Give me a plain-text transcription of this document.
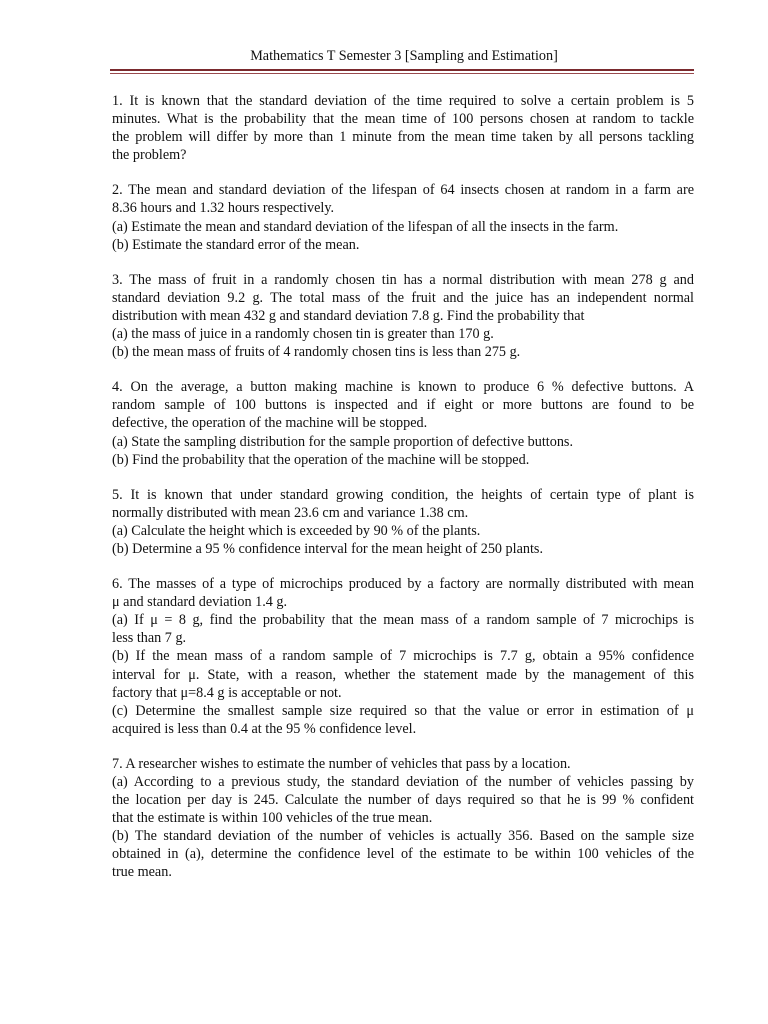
Mathematics T Semester 3 [Sampling and Estimation]
1. It is known that the standard deviation of the time required to solve a certain problem is 5
minutes. What is the probability that the mean time of 100 persons chosen at random to tackle
the problem will differ by more than 1 minute from the mean time taken by all persons tackling
the problem?
2. The mean and standard deviation of the lifespan of 64 insects chosen at random in a farm are
8.36 hours and 1.32 hours respectively.
(a) Estimate the mean and standard deviation of the lifespan of all the insects in the farm.
(b) Estimate the standard error of the mean.
3. The mass of fruit in a randomly chosen tin has a normal distribution with mean 278 g and
standard deviation 9.2 g. The total mass of the fruit and the juice has an independent normal
distribution with mean 432 g and standard deviation 7.8 g. Find the probability that
(a) the mass of juice in a randomly chosen tin is greater than 170 g.
(b) the mean mass of fruits of 4 randomly chosen tins is less than 275 g.
4. On the average, a button making machine is known to produce 6 % defective buttons. A
random sample of 100 buttons is inspected and if eight or more buttons are found to be
defective, the operation of the machine will be stopped.
(a) State the sampling distribution for the sample proportion of defective buttons.
(b) Find the probability that the operation of the machine will be stopped.
5. It is known that under standard growing condition, the heights of certain type of plant is
normally distributed with mean 23.6 cm and variance 1.38 cm.
(a) Calculate the height which is exceeded by 90 % of the plants.
(b) Determine a 95 % confidence interval for the mean height of 250 plants.
6. The masses of a type of microchips produced by a factory are normally distributed with mean
μ and standard deviation 1.4 g.
(a) If μ = 8 g, find the probability that the mean mass of a random sample of 7 microchips is
less than 7 g.
(b) If the mean mass of a random sample of 7 microchips is 7.7 g, obtain a 95% confidence
interval for μ. State, with a reason, whether the statement made by the management of this
factory that μ=8.4 g is acceptable or not.
(c) Determine the smallest sample size required so that the value or error in estimation of μ
acquired is less than 0.4 at the 95 % confidence level.
7. A researcher wishes to estimate the number of vehicles that pass by a location.
(a) According to a previous study, the standard deviation of the number of vehicles passing by
the location per day is 245. Calculate the number of days required so that he is 99 % confident
that the estimate is within 100 vehicles of the true mean.
(b) The standard deviation of the number of vehicles is actually 356. Based on the sample size
obtained in (a), determine the confidence level of the estimate to be within 100 vehicles of the
true mean.
